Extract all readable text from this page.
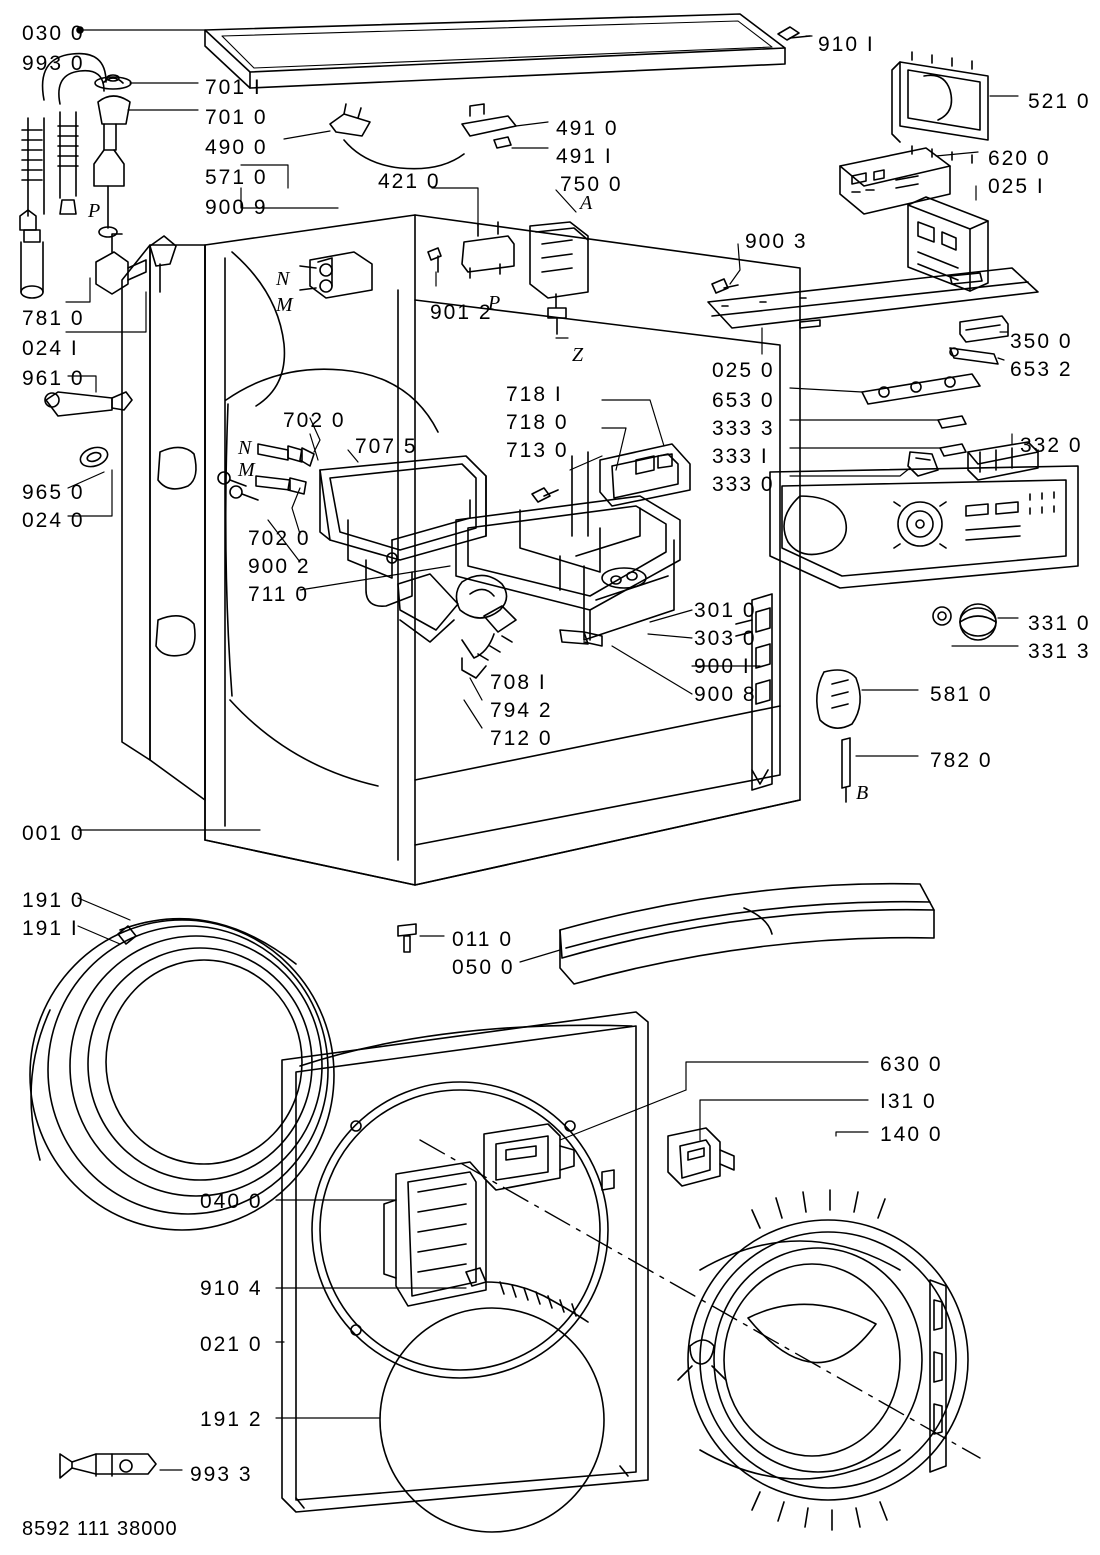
030 0
993 0
701 I
701 0
490 0
571 0
900 9
421 0
491 0
491 I
750 0
910 I
521 0
620 0
025 I
900 3
781 0
024 I
961 0
965 0
024 0
901 2
025 0
653 0
333 3
333 I
333 0
350 0
653 2
332 0
702 0
707 5
718 I
718 0
713 0
702 0
900 2
711 0
708 I
794 2
712 0
301 0
303 0
900 I
900 8
331 0
331 3
581 0
782 0
001 0
191 0
191 I	011 0
050 0
630 0
I31 0
140 0
040 0
910 4
021 0
191 2
993 3
P
N
M	P
A
Z
N
M
B
8592 111 38000
